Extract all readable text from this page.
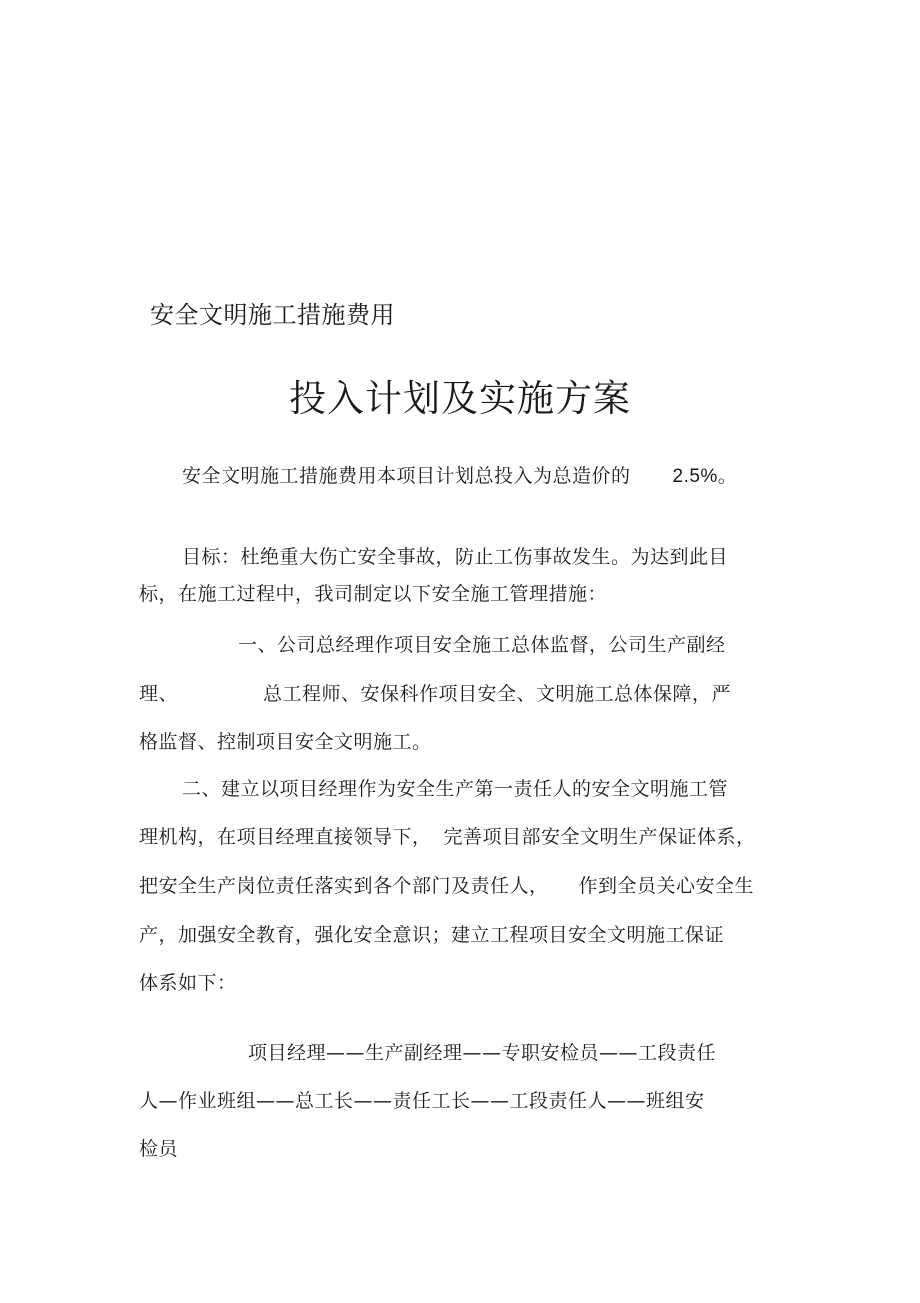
安全文明施工措施费用
投入计划及实施方案
安全文明施工措施费用本项目计划总投入为总造价的 2.5%。
目标：杜绝重大伤亡安全事故，防止工伤事故发生。为达到此目
标，在施工过程中，我司制定以下安全施工管理措施：
一、公司总经理作项目安全施工总体监督，公司生产副经
理、	总工程师、安保科作项目安全、文明施工总体保障，严
格监督、控制项目安全文明施工。
二、建立以项目经理作为安全生产第一责任人的安全文明施工管
理机构，在项目经理直接领导下， 完善项目部安全文明生产保证体系，
把安全生产岗位责任落实到各个部门及责任人， 作到全员关心安全生
产，加强安全教育，强化安全意识；建立工程项目安全文明施工保证
体系如下：
项目经理——生产副经理——专职安检员——工段责任
人—作业班组——总工长——责任工长——工段责任人——班组安
检员
